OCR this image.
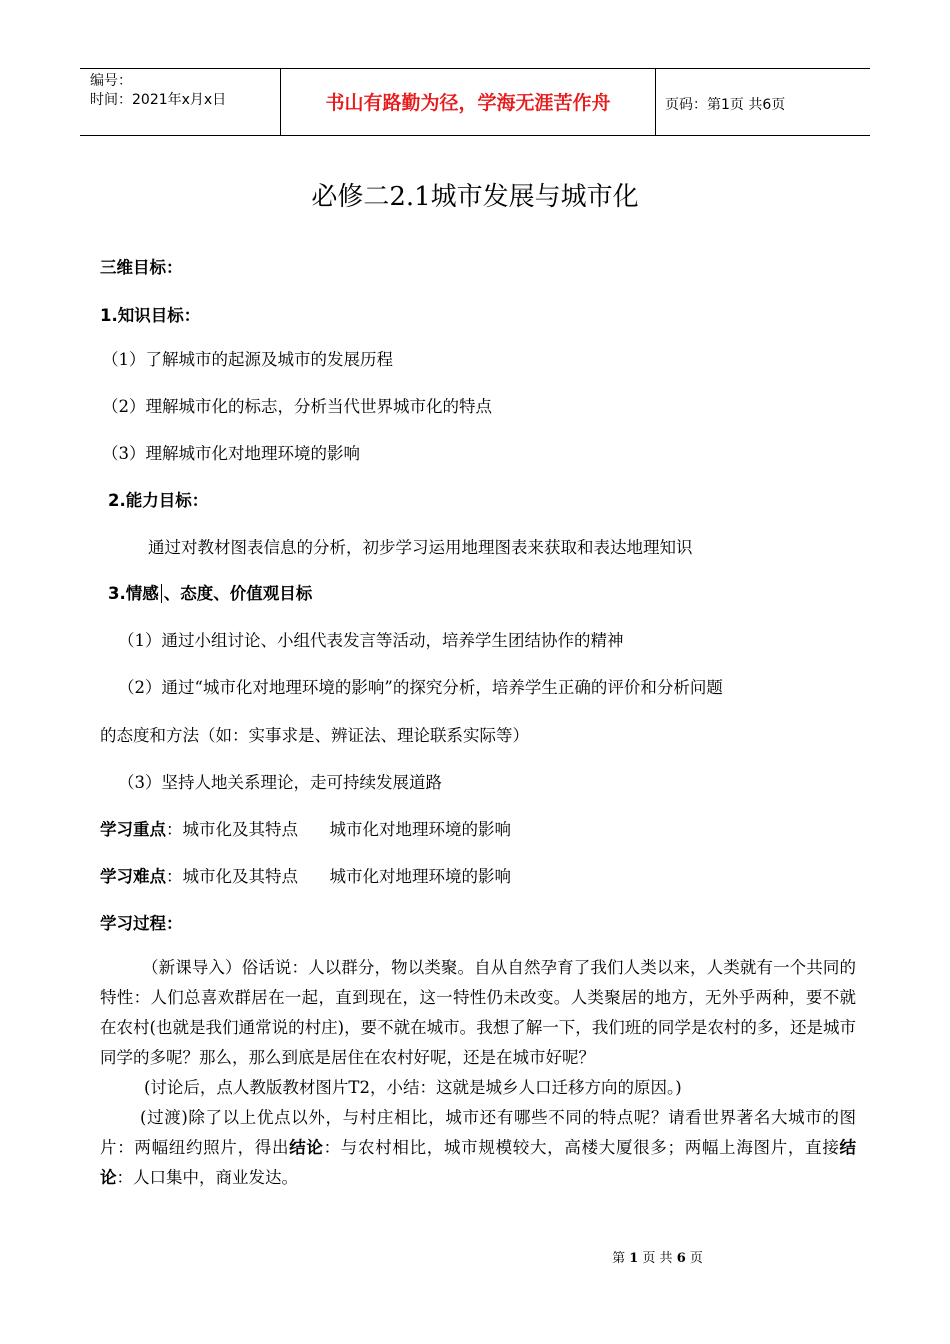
编号：
时间：2021年x月x日	书山有路勤为径，学海无涯苦作舟	页码：第1页 共6页
必修二2.1城市发展与城市化
三维目标：
1.知识目标：
（1）了解城市的起源及城市的发展历程
（2）理解城市化的标志，分析当代世界城市化的特点
（3）理解城市化对地理环境的影响
2.能力目标：
通过对教材图表信息的分析，初步学习运用地理图表来获取和表达地理知识
3.情感 、态度、价值观目标
（1）通过小组讨论、小组代表发言等活动，培养学生团结协作的精神
（2）通过“城市化对地理环境的影响”的探究分析，培养学生正确的评价和分析问题
的态度和方法（如：实事求是、辨证法、理论联系实际等）
（3）坚持人地关系理论，走可持续发展道路
学习重点：城市化及其特点      城市化对地理环境的影响
学习难点：城市化及其特点      城市化对地理环境的影响
学习过程：

（新课导入）俗话说：人以群分，物以类聚。自从自然孕育了我们人类以来，人类就有一个共同的特性：人们总喜欢群居在一起，直到现在，这一特性仍未改变。人类聚居的地方，无外乎两种，要不就在农村(也就是我们通常说的村庄)，要不就在城市。我想了解一下，我们班的同学是农村的多，还是城市同学的多呢？那么，那么到底是居住在农村好呢，还是在城市好呢？

(讨论后，点人教版教材图片T2，小结：这就是城乡人口迁移方向的原因。)

(过渡)除了以上优点以外，与村庄相比，城市还有哪些不同的特点呢？请看世界著名大城市的图片：两幅纽约照片，得出结论：与农村相比，城市规模较大，高楼大厦很多；两幅上海图片，直接结论：人口集中，商业发达。

第 1 页 共 6 页
